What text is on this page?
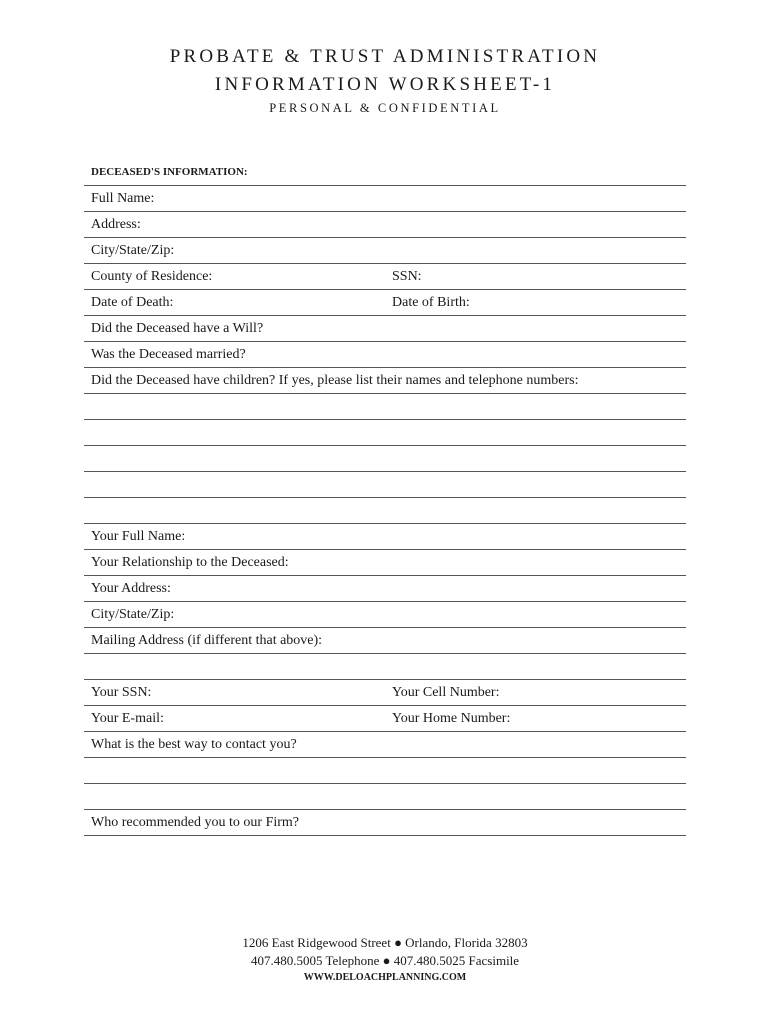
PROBATE & TRUST ADMINISTRATION
INFORMATION WORKSHEET-1
PERSONAL & CONFIDENTIAL
DECEASED'S INFORMATION:
Full Name:
Address:
City/State/Zip:
County of Residence:	SSN:
Date of Death:	Date of Birth:
Did the Deceased have a Will?
Was the Deceased married?
Did the Deceased have children? If yes, please list their names and telephone numbers:
Your Full Name:
Your Relationship to the Deceased:
Your Address:
City/State/Zip:
Mailing Address (if different that above):
Your SSN:	Your Cell Number:
Your E-mail:	Your Home Number:
What is the best way to contact you?
Who recommended you to our Firm?
1206 East Ridgewood Street ● Orlando, Florida 32803
407.480.5005 Telephone ● 407.480.5025 Facsimile
WWW.DELOACHPLANNING.COM
